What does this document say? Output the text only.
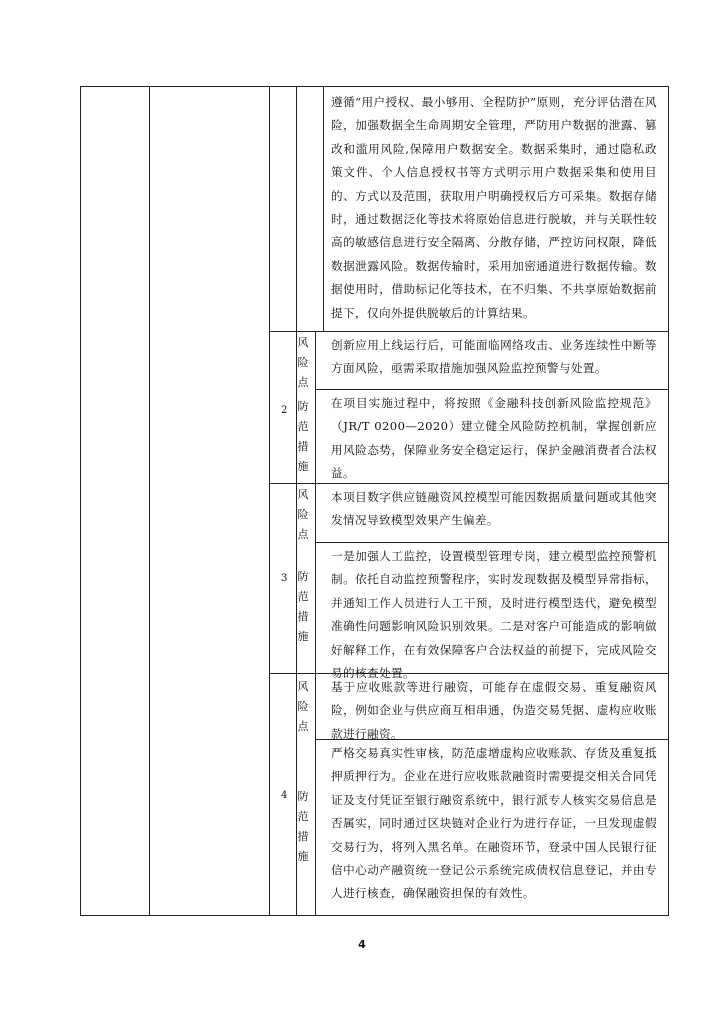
2
3
4
风
险
点
防
范
措
施
风
险
点
防
范
措
施
风
险
点
防
范
措
施
遵循“用户授权、最小够用、全程防护”原则，充分评估潜在风险，加强数据全生命周期安全管理，严防用户数据的泄露、篡改和滥用风险,保障用户数据安全。数据采集时，通过隐私政策文件、个人信息授权书等方式明示用户数据采集和使用目的、方式以及范围，获取用户明确授权后方可采集。数据存储时，通过数据泛化等技术将原始信息进行脱敏，并与关联性较高的敏感信息进行安全隔离、分散存储，严控访问权限，降低数据泄露风险。数据传输时，采用加密通道进行数据传输。数据使用时，借助标记化等技术，在不归集、不共享原始数据前提下，仅向外提供脱敏后的计算结果。
创新应用上线运行后，可能面临网络攻击、业务连续性中断等方面风险，亟需采取措施加强风险监控预警与处置。
在项目实施过程中，将按照《金融科技创新风险监控规范》（JR/T 0200—2020）建立健全风险防控机制，掌握创新应用风险态势，保障业务安全稳定运行，保护金融消费者合法权益。
本项目数字供应链融资风控模型可能因数据质量问题或其他突发情况导致模型效果产生偏差。
一是加强人工监控，设置模型管理专岗，建立模型监控预警机制。依托自动监控预警程序，实时发现数据及模型异常指标，并通知工作人员进行人工干预，及时进行模型迭代，避免模型准确性问题影响风险识别效果。二是对客户可能造成的影响做好解释工作，在有效保障客户合法权益的前提下，完成风险交易的核查处置。
基于应收账款等进行融资，可能存在虚假交易、重复融资风险，例如企业与供应商互相串通，伪造交易凭据、虚构应收账款进行融资。
严格交易真实性审核，防范虚增虚构应收账款、存货及重复抵押质押行为。企业在进行应收账款融资时需要提交相关合同凭证及支付凭证至银行融资系统中，银行派专人核实交易信息是否属实，同时通过区块链对企业行为进行存证，一旦发现虚假交易行为，将列入黑名单。在融资环节，登录中国人民银行征信中心动产融资统一登记公示系统完成债权信息登记，并由专人进行核查，确保融资担保的有效性。
4
